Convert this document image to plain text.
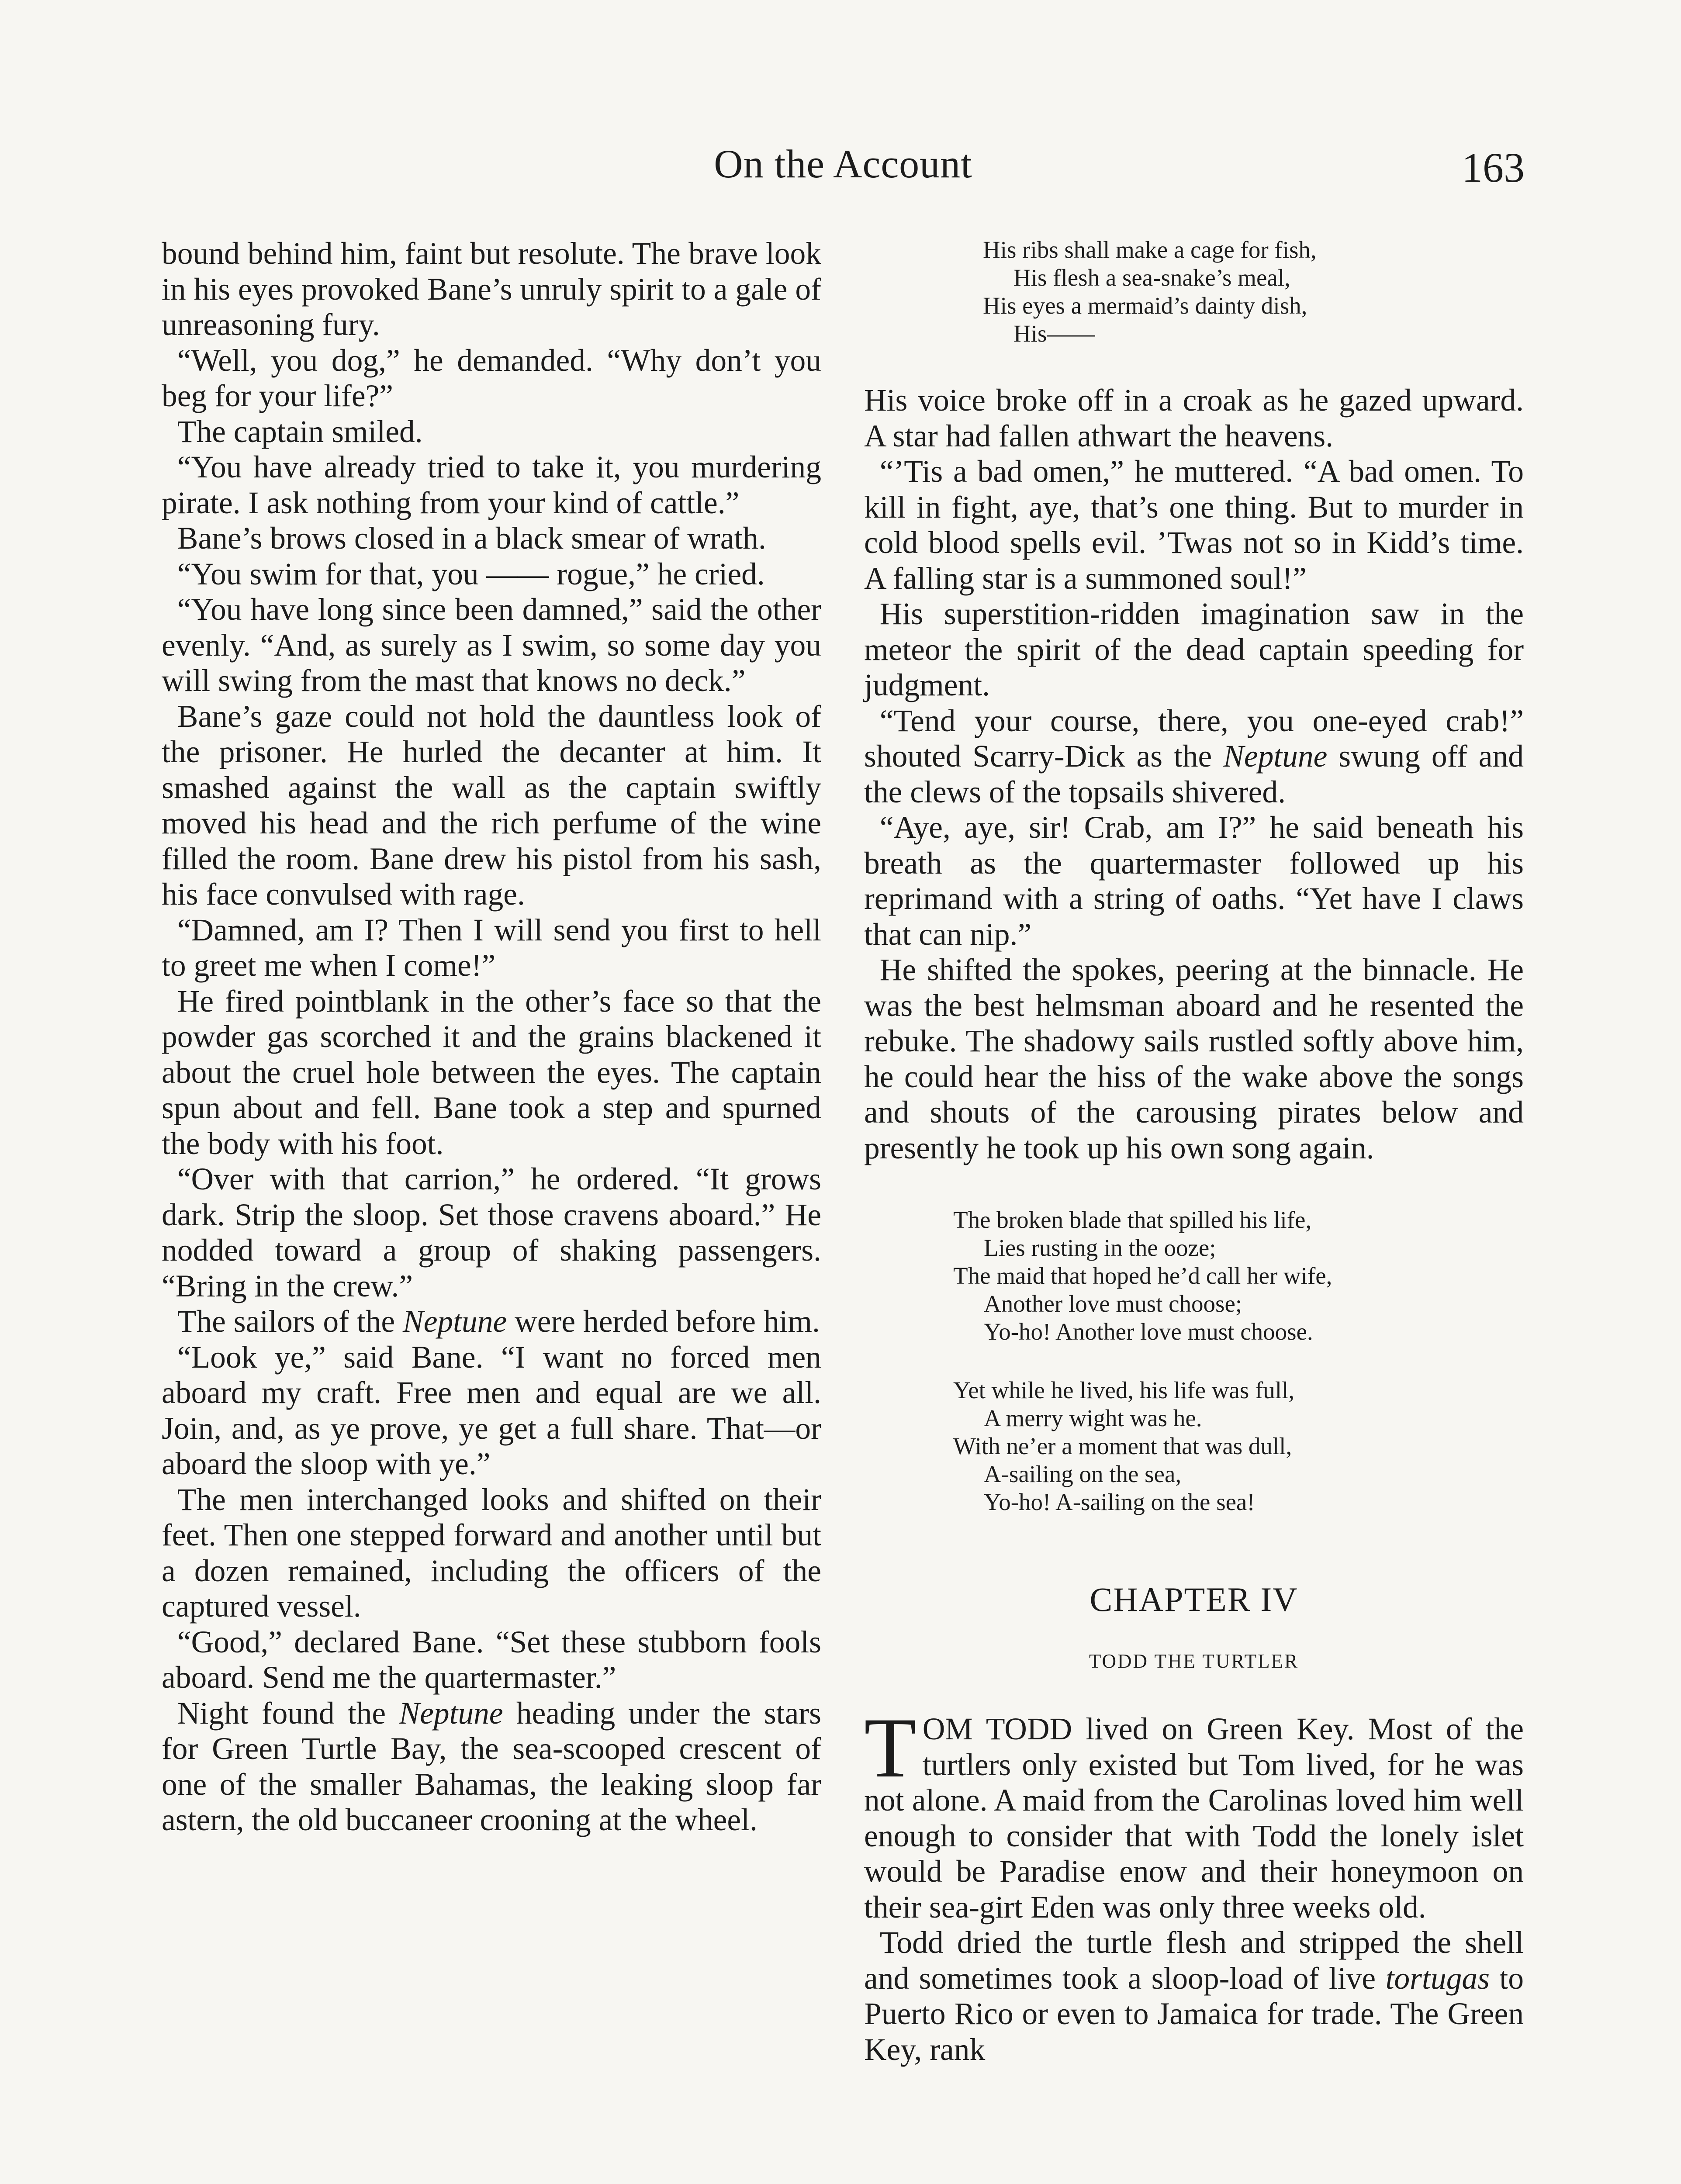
On the Account	163

bound behind him, faint but resolute. The brave look in his eyes provoked Bane’s unruly spirit to a gale of unreasoning fury.

“Well, you dog,” he demanded. “Why don’t you beg for your life?”

The captain smiled.

“You have already tried to take it, you murdering pirate. I ask nothing from your kind of cattle.”

Bane’s brows closed in a black smear of wrath.

“You swim for that, you —— rogue,” he cried.

“You have long since been damned,” said the other evenly. “And, as surely as I swim, so some day you will swing from the mast that knows no deck.”

Bane’s gaze could not hold the dauntless look of the prisoner. He hurled the decanter at him. It smashed against the wall as the captain swiftly moved his head and the rich perfume of the wine filled the room. Bane drew his pistol from his sash, his face convulsed with rage.

“Damned, am I? Then I will send you first to hell to greet me when I come!”

He fired pointblank in the other’s face so that the powder gas scorched it and the grains blackened it about the cruel hole between the eyes. The captain spun about and fell. Bane took a step and spurned the body with his foot.

“Over with that carrion,” he ordered. “It grows dark. Strip the sloop. Set those cravens aboard.” He nodded toward a group of shaking passengers. “Bring in the crew.”

The sailors of the Neptune were herded before him.

“Look ye,” said Bane. “I want no forced men aboard my craft. Free men and equal are we all. Join, and, as ye prove, ye get a full share. That—or aboard the sloop with ye.”

The men interchanged looks and shifted on their feet. Then one stepped forward and another until but a dozen remained, including the officers of the captured vessel.

“Good,” declared Bane. “Set these stubborn fools aboard. Send me the quartermaster.”

Night found the Neptune heading under the stars for Green Turtle Bay, the sea-scooped crescent of one of the smaller Bahamas, the leaking sloop far astern, the old buccaneer crooning at the wheel.

His ribs shall make a cage for fish,
His flesh a sea-snake’s meal,
His eyes a mermaid’s dainty dish,
His——

His voice broke off in a croak as he gazed upward. A star had fallen athwart the heavens.

“’Tis a bad omen,” he muttered. “A bad omen. To kill in fight, aye, that’s one thing. But to murder in cold blood spells evil. ’Twas not so in Kidd’s time. A falling star is a summoned soul!”

His superstition-ridden imagination saw in the meteor the spirit of the dead captain speeding for judgment.

“Tend your course, there, you one-eyed crab!” shouted Scarry-Dick as the Neptune swung off and the clews of the topsails shivered.

“Aye, aye, sir! Crab, am I?” he said beneath his breath as the quartermaster followed up his reprimand with a string of oaths. “Yet have I claws that can nip.”

He shifted the spokes, peering at the binnacle. He was the best helmsman aboard and he resented the rebuke. The shadowy sails rustled softly above him, he could hear the hiss of the wake above the songs and shouts of the carousing pirates below and presently he took up his own song again.

The broken blade that spilled his life,
Lies rusting in the ooze;
The maid that hoped he’d call her wife,
Another love must choose;
Yo-ho! Another love must choose.
Yet while he lived, his life was full,
A merry wight was he.
With ne’er a moment that was dull,
A-sailing on the sea,
Yo-ho! A-sailing on the sea!
CHAPTER IV
TODD THE TURTLER

TOM TODD lived on Green Key. Most of the turtlers only existed but Tom lived, for he was not alone. A maid from the Carolinas loved him well enough to consider that with Todd the lonely islet would be Paradise enow and their honeymoon on their sea-girt Eden was only three weeks old.

Todd dried the turtle flesh and stripped the shell and sometimes took a sloop-load of live tortugas to Puerto Rico or even to Jamaica for trade. The Green Key, rank
